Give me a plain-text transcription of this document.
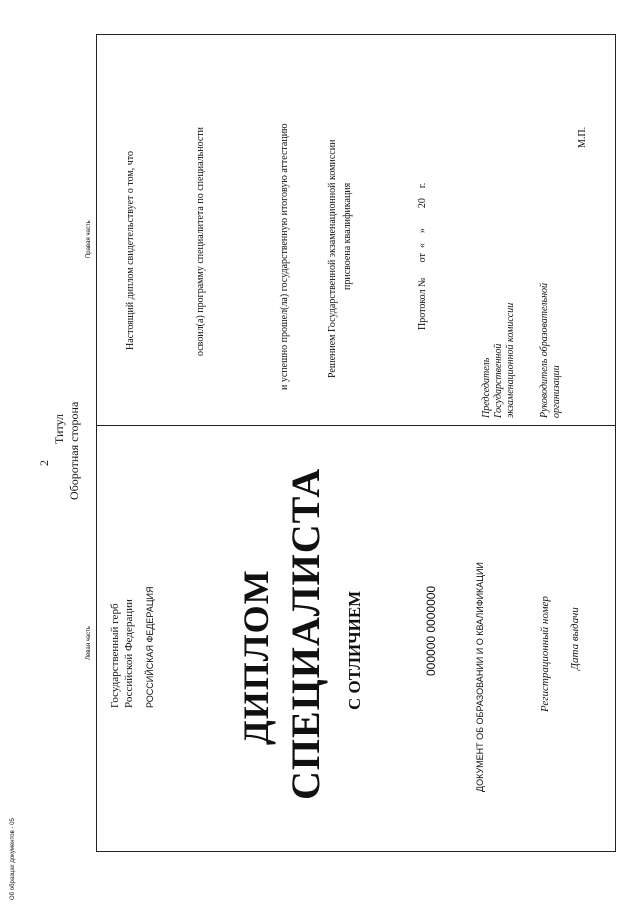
2
Титул Оборотная сторона
Левая часть
Правая часть
Об образцах документов - 05
Государственный герб Российской Федерации РОССИЙСКАЯ ФЕДЕРАЦИЯ ДИПЛОМ СПЕЦИАЛИСТА С ОТЛИЧИЕМ	000000 0000000	ДОКУМЕНТ ОБ ОБРАЗОВАНИИ И О КВАЛИФИКАЦИИ	Регистрационный номер Дата выдачи
Настоящий диплом свидетельствует о том, что	освоил(а) программу специалитета по специальности	и успешно прошел(ла) государственную итоговую аттестацию	Решением Государственной экзаменационной комиссии присвоена квалификация	Протокол №      от  «    »        20    г.
Председатель Государственной экзаменационной комиссии Руководитель образовательной организации
М.П.
